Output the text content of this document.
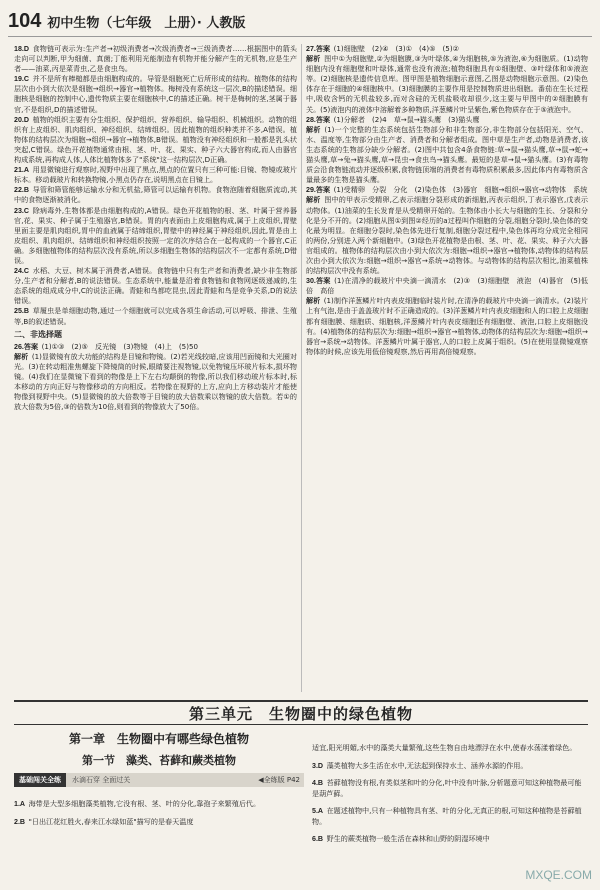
104 初中生物（七年级　上册）· 人教版

18.D  食物链可表示为:生产者→初级消费者→次级消费者→三级消费者……根据图中的箭头走向可以判断,甲为细菌、真菌;丁能利用光能制造有机物并能分解产生的无机物,应是生产者——油菜,丙是菜青虫,乙是食虫鸟。

19.C  并不是所有棒槌都是由细胞构成的。导管是细胞死亡后所形成的结构。植物体的结构层次由小到大依次是细胞→组织→器官→植物体。梅树没有系统这一层次,B的描述错误。细胞核是细胞的控制中心,遗传物质主要在细胞核中,C的描述正确。树干是梅树的茎,茎属于器官,不是组织,D的描述错误。

20.D  植物的组织主要有分生组织、保护组织、营养组织、输导组织、机械组织。动物的组织有上皮组织、肌肉组织、神经组织、结缔组织。因此植物的组织种类并不多,A错误。植物体的结构层次为细胞→组织→器官→植物体,B错误。植物没有神经组织和一般都是乳头状突起,C错误。绿色开花植物通常由根、茎、叶、花、果实、种子六大器官构成,而人由器官构成系统,再构成人体,人体比植物体多了"系统"这一结构层次,D正确。

21.A  用显微镜进行观察时,视野中出现了黑点,黑点的位置只有三种可能:目镜、物镜或玻片标本。移动载玻片和转换物镜,小黑点仍存在,说明黑点在目镜上。

22.B  导管和筛管能够运输水分和无机盐,筛管可以运输有机物。食物泡随着细胞质流动,其中的食物逐渐被消化。

23.C  除病毒外,生物体都是由细胞构成的,A错误。绿色开花植物的根、茎、叶属于营养器官,花、果实、种子属于生殖器官,B错误。胃的内表面由上皮细胞构成,属于上皮组织,胃壁里面主要是肌肉组织,胃中的血液属于结缔组织,胃壁中的神经属于神经组织,因此,胃是由上皮组织、肌肉组织、结缔组织和神经组织按照一定的次序结合在一起构成的一个器官,C正确。多细胞植物体的结构层次没有系统,所以多细胞生物体的结构层次不一定都有系统,D错误。

24.C  水稻、大豆、树木属于消费者,A错误。食物链中只有生产者和消费者,缺少非生物部分,生产者和分解者,B的说法错误。生态系统中,能量是沿着食物链和食物网逐级递减的,生态系统的组成成分中,C的说法正确。青蛙和鸟都吃昆虫,因此青蛙和鸟是竞争关系,D的说法错误。

25.B  草履虫是单细胞动物,通过一个细胞就可以完成各项生命活动,可以呼吸、排泄、生殖等,B的叙述错误。

二、非选择题

26.答案  (1)①③　(2)⑤　反光镜　(3)物镜　(4)上　(5)50

解析  (1)显微镜有放大功能的结构是目镜和物镜。(2)若光线较暗,应该用凹面镜和大光圈对光。(3)在转动粗准焦螺旋下降镜筒的时候,眼睛要注视物镜,以免物镜压坏玻片标本,损坏物镜。(4)我们在显微镜下看到的物像是上下左右均颠倒的物像,所以我们移动玻片标本时,标本移动的方向正好与物像移动的方向相反。若物像在视野的上方,应向上方移动装片才能使物像到视野中央。(5)显微镜的放大倍数等于目镜的放大倍数乘以物镜的放大倍数。若①的放大倍数为5倍,③的倍数为10倍,则看到的物像放大了50倍。

27.答案  (1)细胞壁　(2)④　(3)①　(4)⑤　(5)②

解析  图中①为细胞壁,②为细胞膜,③为叶绿体,④为细胞核,⑤为液泡,⑥为细胞质。(1)动物细胞内没有细胞壁和叶绿体,通常也没有液泡;植物细胞具有①细胞壁、③叶绿体和⑤液泡等。(2)细胞核是遗传信息库。图甲图是植物细胞示意图,乙图是动物细胞示意图。(2)染色体存在于细胞的④细胞核中。(3)细胞膜的主要作用是控制物质进出细胞。番茄在生长过程中,吸收含钙的无机盐较多,而对含硅的无机盐吸收却很少,这主要与甲图中的②细胞膜有关。(5)液泡内的液体中溶解着多种物质,洋葱鳞片叶呈紫色,紫色物质存在于⑤液泡中。

28.答案  (1)分解者　(2)4　草→鼠→猫头鹰　(3)猫头鹰

解析  (1)一个完整的生态系统包括生物部分和非生物部分,非生物部分包括阳光、空气、水、温度等,生物部分由生产者、消费者和分解者组成。图中草是生产者,动物是消费者,该生态系统的生物部分缺少分解者。(2)图中共包含4条食物链:草→鼠→猫头鹰,草→鼠→蛇→猫头鹰,草→兔→猫头鹰,草→昆虫→食虫鸟→猫头鹰。最短的是草→鼠→猫头鹰。(3)有毒物质会沿食物链流动并逐级积累,食物链顶端的消费者有毒物质积累最多,因此体内有毒物质含量最多的生物是猫头鹰。

29.答案  (1)受精卵　分裂　分化　(2)染色体　(3)器官　细胞→组织→器官→动物体　系统

解析  图中的甲表示受精卵,乙表示细胞分裂形成的新细胞,丙表示组织,丁表示器官,戊表示动物体。(1)油菜的生长发育是从受精卵开始的。生物体由小长大与细胞的生长、分裂和分化是分不开的。(2)细胞从图①到图②经历的a过程叫作细胞的分裂,细胞分裂时,染色体的变化最为明显。在细胞分裂时,染色体先进行复制,细胞分裂过程中,染色体再均分成完全相同的两份,分别进入两个新细胞中。(3)绿色开花植物是由根、茎、叶、花、果实、种子六大器官组成的。植物体的结构层次由小到大依次为:细胞→组织→器官→植物体,动物体的结构层次由小到大依次为:细胞→组织→器官→系统→动物体。与动物体的结构层次相比,油菜植株的结构层次中没有系统。

30.答案  (1)在清净的载玻片中央滴一滴清水　(2)③　(3)细胞壁　液泡　(4)器官　(5)低倍　高倍

解析  (1)制作洋葱鳞片叶内表皮细胞临时装片时,在清净的载玻片中央滴一滴清水。(2)装片上有气泡,是由于盖盖玻片时不正确造成的。(3)洋葱鳞片叶内表皮细胞和人的口腔上皮细胞都有细胞膜、细胞质、细胞核,洋葱鳞片叶内表皮细胞还有细胞壁、液泡,口腔上皮细胞没有。(4)植物体的结构层次为:细胞→组织→器官→植物体,动物体的结构层次为:细胞→组织→器官→系统→动物体。洋葱鳞片叶属于器官,人的口腔上皮属于组织。(5)在使用显微镜观察物体的时候,应该先用低倍镜观察,然后再用高倍镜观察。

第三单元　生物圈中的绿色植物
第一章　生物圈中有哪些绿色植物
第一节　藻类、苔藓和蕨类植物
基础闯关全练	水滴石穿 全面过关	◀全练版 P42

1.A  海带是大型多细胞藻类植物,它没有根、茎、叶的分化,靠孢子来繁殖后代。

2.B  "日出江花红胜火,春来江水绿如蓝"描写的是春天温度

适宜,阳光明媚,水中的藻类大量繁殖,这些生物自由地漂浮在水中,使春水荡漾着绿色。

3.D  藻类植物大多生活在水中,无法起到保持水土、涵养水源的作用。

4.B  苔藓植物没有根,有类似茎和叶的分化,叶中没有叶脉,分析题意可知这种植物最可能是葫芦藓。

5.A  在题述植物中,只有一种植物具有茎、叶的分化,无真正的根,可知这种植物是苔藓植物。

6.B  野生的蕨类植物一般生活在森林和山野的阴湿环境中

MXQE.COM
